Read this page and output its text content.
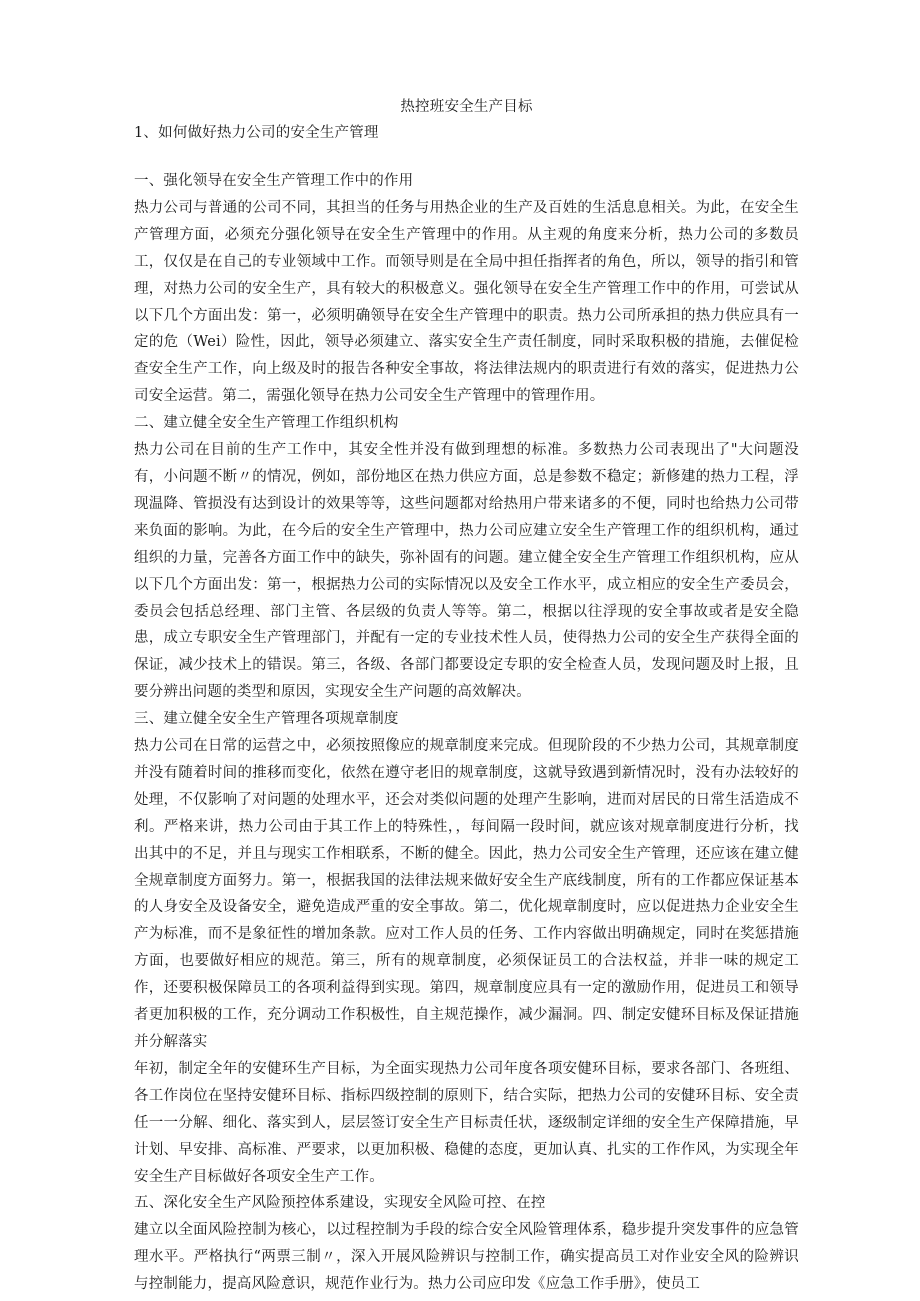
热控班安全生产目标
1、如何做好热力公司的安全生产管理
一、强化领导在安全生产管理工作中的作用
热力公司与普通的公司不同，其担当的任务与用热企业的生产及百姓的生活息息相关。为此，在安全生产管理方面，必须充分强化领导在安全生产管理中的作用。从主观的角度来分析，热力公司的多数员工，仅仅是在自己的专业领域中工作。而领导则是在全局中担任指挥者的角色，所以，领导的指引和管理，对热力公司的安全生产，具有较大的积极意义。强化领导在安全生产管理工作中的作用，可尝试从以下几个方面出发：第一，必须明确领导在安全生产管理中的职责。热力公司所承担的热力供应具有一定的危（Wei）险性，因此，领导必须建立、落实安全生产责任制度，同时采取积极的措施，去催促检查安全生产工作，向上级及时的报告各种安全事故，将法律法规内的职责进行有效的落实，促进热力公司安全运营。第二，需强化领导在热力公司安全生产管理中的管理作用。
二、建立健全安全生产管理工作组织机构
热力公司在目前的生产工作中，其安全性并没有做到理想的标准。多数热力公司表现出了"大问题没有，小问题不断〃的情况，例如，部份地区在热力供应方面，总是参数不稳定；新修建的热力工程，浮现温降、管损没有达到设计的效果等等，这些问题都对给热用户带来诸多的不便，同时也给热力公司带来负面的影响。为此，在今后的安全生产管理中，热力公司应建立安全生产管理工作的组织机构，通过组织的力量，完善各方面工作中的缺失，弥补固有的问题。建立健全安全生产管理工作组织机构，应从以下几个方面出发：第一，根据热力公司的实际情况以及安全工作水平，成立相应的安全生产委员会，委员会包括总经理、部门主管、各层级的负责人等等。第二，根据以往浮现的安全事故或者是安全隐患，成立专职安全生产管理部门，并配有一定的专业技术性人员，使得热力公司的安全生产获得全面的保证，减少技术上的错误。第三，各级、各部门都要设定专职的安全检查人员，发现问题及时上报，且要分辨出问题的类型和原因，实现安全生产问题的高效解决。
三、建立健全安全生产管理各项规章制度
热力公司在日常的运营之中，必须按照像应的规章制度来完成。但现阶段的不少热力公司，其规章制度并没有随着时间的推移而变化，依然在遵守老旧的规章制度，这就导致遇到新情况时，没有办法较好的处理，不仅影响了对问题的处理水平，还会对类似问题的处理产生影响，进而对居民的日常生活造成不利。严格来讲，热力公司由于其工作上的特殊性，，每间隔一段时间，就应该对规章制度进行分析，找出其中的不足，并且与现实工作相联系，不断的健全。因此，热力公司安全生产管理，还应该在建立健全规章制度方面努力。第一，根据我国的法律法规来做好安全生产底线制度，所有的工作都应保证基本的人身安全及设备安全，避免造成严重的安全事故。第二，优化规章制度时，应以促进热力企业安全生产为标准，而不是象征性的增加条款。应对工作人员的任务、工作内容做出明确规定，同时在奖惩措施方面，也要做好相应的规范。第三，所有的规章制度，必须保证员工的合法权益，并非一味的规定工作，还要积极保障员工的各项利益得到实现。第四，规章制度应具有一定的激励作用，促进员工和领导者更加积极的工作，充分调动工作积极性，自主规范操作，减少漏洞。四、制定安健环目标及保证措施并分解落实
年初，制定全年的安健环生产目标，为全面实现热力公司年度各项安健环目标，要求各部门、各班组、各工作岗位在坚持安健环目标、指标四级控制的原则下，结合实际，把热力公司的安健环目标、安全责任一一分解、细化、落实到人，层层签订安全生产目标责任状，逐级制定详细的安全生产保障措施，早计划、早安排、高标准、严要求，以更加积极、稳健的态度，更加认真、扎实的工作作风，为实现全年安全生产目标做好各项安全生产工作。
五、深化安全生产风险预控体系建设，实现安全风险可控、在控
建立以全面风险控制为核心，以过程控制为手段的综合安全风险管理体系，稳步提升突发事件的应急管理水平。严格执行“两票三制〃，深入开展风险辨识与控制工作，确实提高员工对作业安全风的险辨识与控制能力，提高风险意识，规范作业行为。热力公司应印发《应急工作手册》，使员工
